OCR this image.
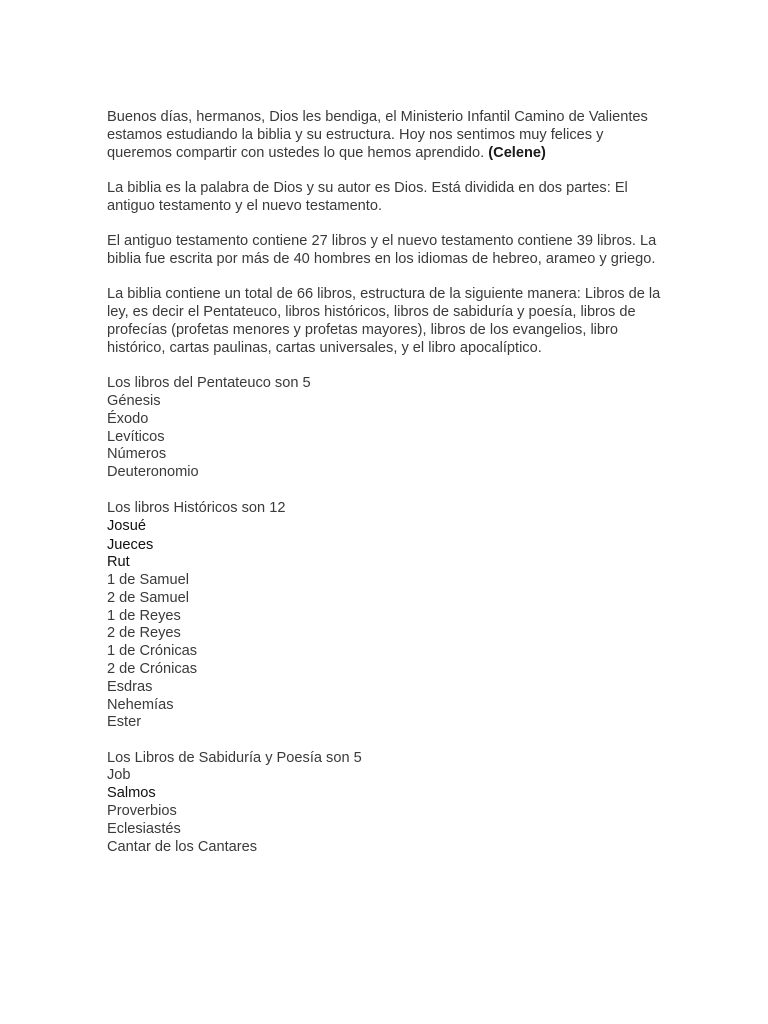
Buenos días, hermanos, Dios les bendiga, el Ministerio Infantil Camino de Valientes estamos estudiando la biblia y su estructura. Hoy nos sentimos muy felices y queremos compartir con ustedes lo que hemos aprendido. (Celene)

La biblia es la palabra de Dios y su autor es Dios. Está dividida en dos partes: El antiguo testamento y el nuevo testamento.

El antiguo testamento contiene 27 libros y el nuevo testamento contiene 39 libros. La biblia fue escrita por más de 40 hombres en los idiomas de hebreo, arameo y griego.

La biblia contiene un total de 66 libros, estructura de la siguiente manera: Libros de la ley, es decir el Pentateuco, libros históricos, libros de sabiduría y poesía, libros de profecías (profetas menores y profetas mayores), libros de los evangelios, libro histórico, cartas paulinas, cartas universales, y el libro apocalíptico.

Los libros del Pentateuco son 5
Génesis
Éxodo
Levíticos
Números
Deuteronomio
Los libros Históricos son 12
Josué
Jueces
Rut
1 de Samuel
2 de Samuel
1 de Reyes
2 de Reyes
1 de Crónicas
2 de Crónicas
Esdras
Nehemías
Ester
Los Libros de Sabiduría y Poesía son 5
Job
Salmos
Proverbios
Eclesiastés
Cantar de los Cantares
